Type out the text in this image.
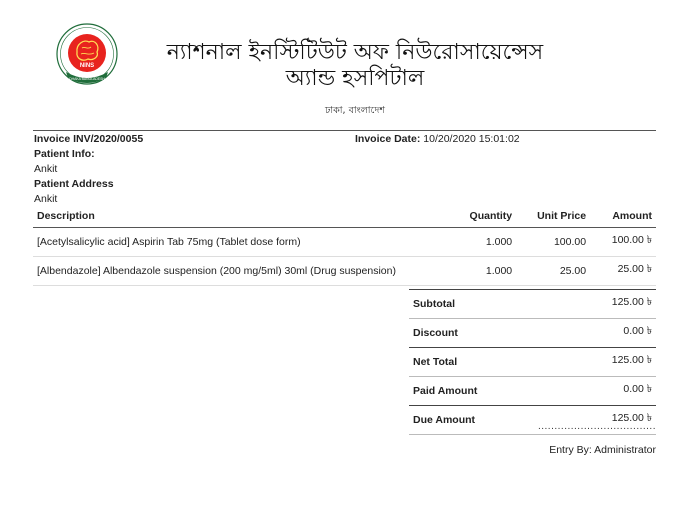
NINS
DHAKA BANGLADESH
ন্যাশনাল ইনস্টিটিউট অফ নিউরোসায়েন্সেস
অ্যান্ড হসপিটাল
ঢাকা, বাংলাদেশ
Invoice INV/2020/0055	Invoice Date: 10/20/2020 15:01:02
Patient Info:
Ankit
Patient Address
Ankit
Description	Quantity	Unit Price	Amount
[Acetylsalicylic acid] Aspirin Tab 75mg (Tablet dose form)	1.000	100.00	100.00 ৳
[Albendazole] Albendazole suspension (200 mg/5ml) 30ml (Drug suspension)	1.000	25.00	25.00 ৳
Subtotal	125.00 ৳
Discount	0.00 ৳
Net Total	125.00 ৳
Paid Amount	0.00 ৳
Due Amount	125.00 ৳
....................................
Entry By: Administrator
